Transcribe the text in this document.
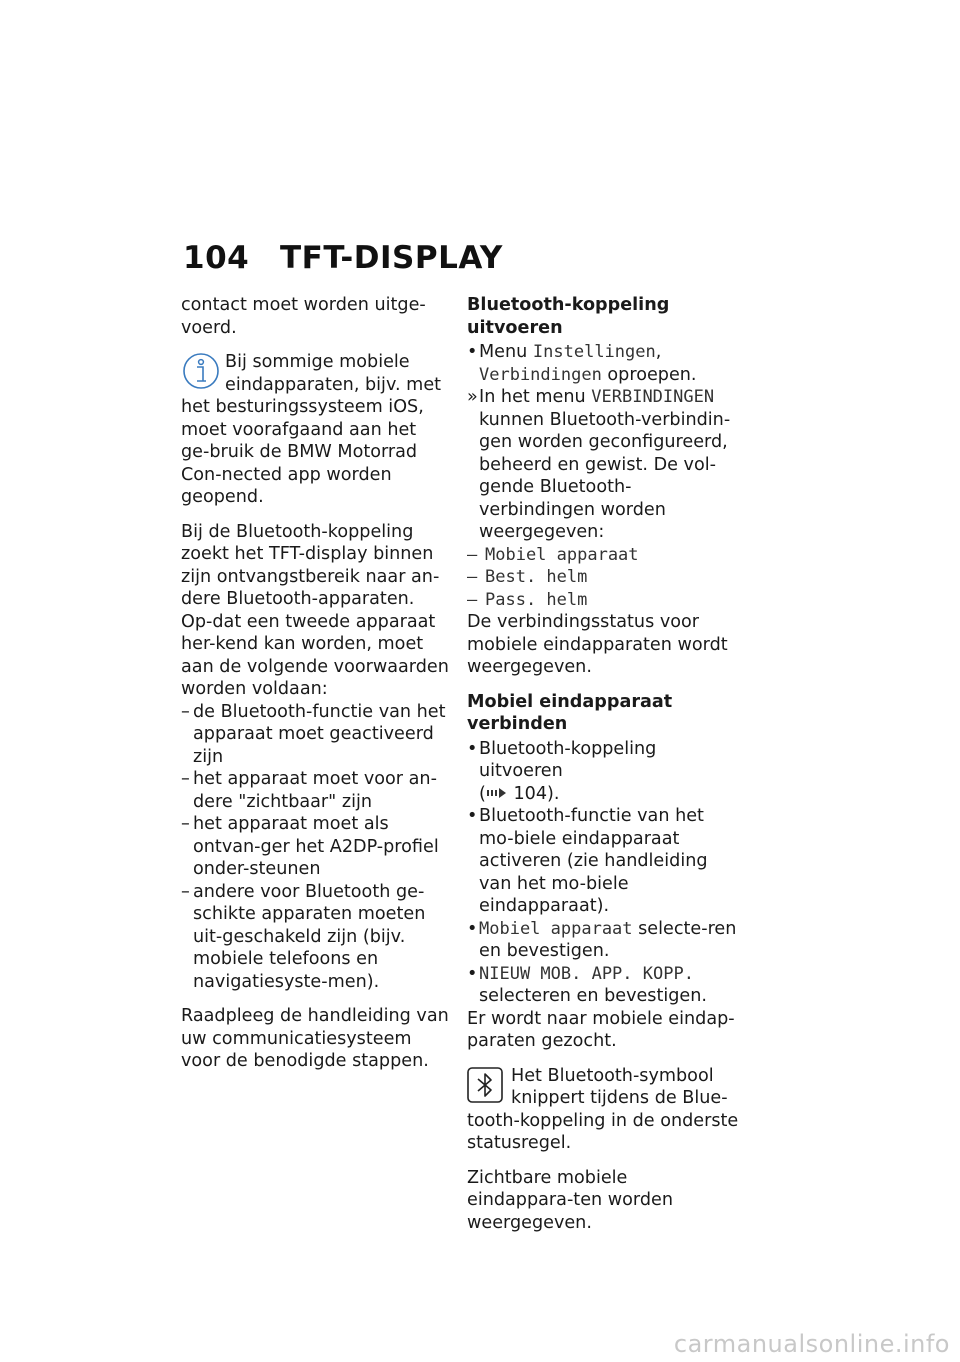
104 TFT-DISPLAY

contact moet worden uitge-voerd.

Bij sommige mobiele eindapparaten, bijv. met het besturingssysteem iOS, moet voorafgaand aan het ge-bruik de BMW Motorrad Con-nected app worden geopend.

Bij de Bluetooth-koppeling zoekt het TFT-display binnen zijn ontvangstbereik naar an-dere Bluetooth-apparaten. Op-dat een tweede apparaat her-kend kan worden, moet aan de volgende voorwaarden worden voldaan:

– de Bluetooth-functie van het apparaat moet geactiveerd zijn
– het apparaat moet voor an-dere "zichtbaar" zijn
– het apparaat moet als ontvan-ger het A2DP-profiel onder-steunen
– andere voor Bluetooth ge-schikte apparaten moeten uit-geschakeld zijn (bijv. mobiele telefoons en navigatiesyste-men).

Raadpleeg de handleiding van uw communicatiesysteem voor de benodigde stappen.

Bluetooth-koppeling uitvoeren
• Menu Instellingen, Verbindingen oproepen.
» In het menu VERBINDINGEN kunnen Bluetooth-verbindin-gen worden geconfigureerd, beheerd en gewist. De vol-gende Bluetooth-verbindingen worden weergegeven:
– Mobiel apparaat
– Best. helm
– Pass. helm

De verbindingsstatus voor mobiele eindapparaten wordt weergegeven.

Mobiel eindapparaat verbinden
• Bluetooth-koppeling uitvoeren
( 104).
• Bluetooth-functie van het mo-biele eindapparaat activeren (zie handleiding van het mo-biele eindapparaat).
• Mobiel apparaat selecte-ren en bevestigen.
• NIEUW MOB. APP. KOPP.
selecteren en bevestigen.

Er wordt naar mobiele eindap-paraten gezocht.

Het Bluetooth-symbool knippert tijdens de Blue-tooth-koppeling in de onderste statusregel.

Zichtbare mobiele eindappara-ten worden weergegeven.

carmanualsonline.info
